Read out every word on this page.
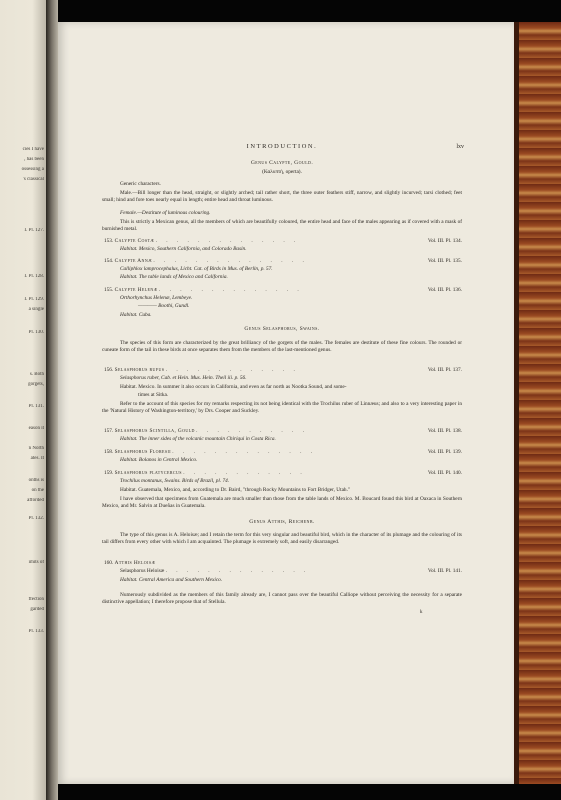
cies I have
, has been
ossessing a
's classical
I. Pl. 127.
I. Pl. 128.
I. Pl. 129.
a single
Pl. 130.
s. Both
gorgets,
Pl. 131.
eason it
n North
ates. It
onths is
on the
afforded
Pl. 132.
imits of
ffection
garded
Pl. 133.
INTRODUCTION.	lxv
Genus Calypte, Gould.
(Καλυπτή, operta).
Generic characters.
Male.—Bill longer than the head, straight, or slightly arched; tail rather short, the three outer feathers stiff, narrow, and slightly incurved; tarsi clothed; feet small; hind and fore toes nearly equal in length; entire head and throat luminous.
Female.—Destitute of luminous colouring.
This is strictly a Mexican genus, all the members of which are beautifully coloured, the entire head and face of the males appearing as if covered with a mask of burnished metal.
153. Calypte Costæ . . . . . . . . . . . . . .	Vol. III. Pl. 134.
Habitat. Mexico, Southern California, and Colorado Basin.
154. Calypte Annæ . . . . . . . . . . . . . . .	Vol. III. Pl. 135.
Calliphlox lamprocephalus, Licht. Cat. of Birds in Mus. of Berlin, p. 57.
Habitat. The table lands of Mexico and California.
155. Calypte Helenæ . . . . . . . . . . . . . .	Vol. III. Pl. 136.
Orthorhynchus Helenæ, Lembeye.
———— Boothi, Gundl.
Habitat. Cuba.
Genus Selasphorus, Swains.
The species of this form are characterized by the great brilliancy of the gorgets of the males. The females are destitute of these fine colours. The rounded or cuneate form of the tail in these birds at once separates them from the members of the last-mentioned genus.
156. Selasphorus rufus . . . . . . . . . . . . .	Vol. III. Pl. 137.
Selasphorus ruber, Cab. et Hein. Mus. Hein. Theil iii. p. 56.
Habitat. Mexico. In summer it also occurs in California, and even as far north as Nootka Sound, and some-
times at Sitka.
Refer to the account of this species for my remarks respecting its not being identical with the Trochilus ruber of Linnæus; and also to a very interesting paper in the 'Natural History of Washington-territory,' by Drs. Cooper and Suckley.
157. Selasphorus Scintilla, Gould . . . . . . . . . . .	Vol. III. Pl. 138.
Habitat. The inner sides of the volcanic mountain Chiriqui in Costa Rica.
158. Selasphorus Floresii . . . . . . . . . . . . . .	Vol. III. Pl. 139.
Habitat. Bolanos in Central Mexico.
159. Selasphorus platycercus . . . . . . . . . . . .	Vol. III. Pl. 140.
Trochilus montanus, Swains. Birds of Brazil, pl. 74.
Habitat. Guatemala, Mexico, and, according to Dr. Baird, "through Rocky Mountains to Fort Bridger, Utah."
I have observed that specimens from Guatemala are much smaller than those from the table lands of Mexico. M. Boucard found this bird at Oaxaca in Southern Mexico, and Mr. Salvin at Dueñas in Guatemala.
Genus Atthis, Reichenb.
The type of this genus is A. Heloisæ; and I retain the term for this very singular and beautiful bird, which in the character of its plumage and the colouring of its tail differs from every other with which I am acquainted. The plumage is extremely soft, and easily disarranged.
160. Atthis Heloisæ
Selasphorus Heloisæ . . . . . . . . . . . . . .	Vol. III. Pl. 141.
Habitat. Central America and Southern Mexico.
Numerously subdivided as the members of this family already are, I cannot pass over the beautiful Calliope without perceiving the necessity for a separate distinctive appellation; I therefore propose that of Stellula.
k
